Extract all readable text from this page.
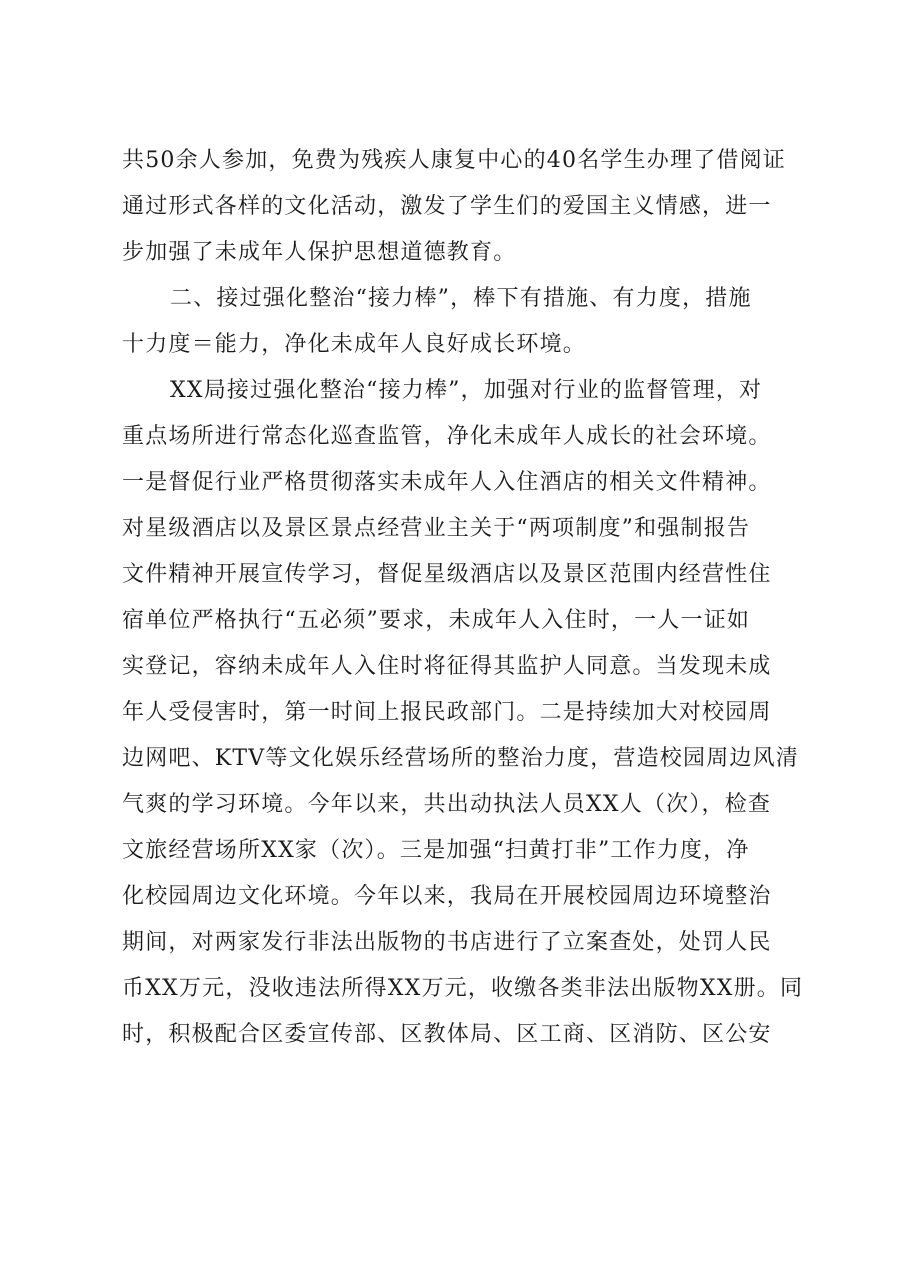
共50余人参加，免费为残疾人康复中心的40名学生办理了借阅证
通过形式各样的文化活动，激发了学生们的爱国主义情感，进一
步加强了未成年人保护思想道德教育。
二、接过强化整治“接力棒”，棒下有措施、有力度，措施
十力度＝能力，净化未成年人良好成长环境。
XX局接过强化整治“接力棒”，加强对行业的监督管理，对
重点场所进行常态化巡查监管，净化未成年人成长的社会环境。
一是督促行业严格贯彻落实未成年人入住酒店的相关文件精神。
对星级酒店以及景区景点经营业主关于“两项制度”和强制报告
文件精神开展宣传学习，督促星级酒店以及景区范围内经营性住
宿单位严格执行“五必须”要求，未成年人入住时，一人一证如
实登记，容纳未成年人入住时将征得其监护人同意。当发现未成
年人受侵害时，第一时间上报民政部门。二是持续加大对校园周
边网吧、KTV等文化娱乐经营场所的整治力度，营造校园周边风清
气爽的学习环境。今年以来，共出动执法人员XX人（次），检查
文旅经营场所XX家（次）。三是加强“扫黄打非”工作力度，净
化校园周边文化环境。今年以来，我局在开展校园周边环境整治
期间，对两家发行非法出版物的书店进行了立案查处，处罚人民
币XX万元，没收违法所得XX万元，收缴各类非法出版物XX册。同
时，积极配合区委宣传部、区教体局、区工商、区消防、区公安
